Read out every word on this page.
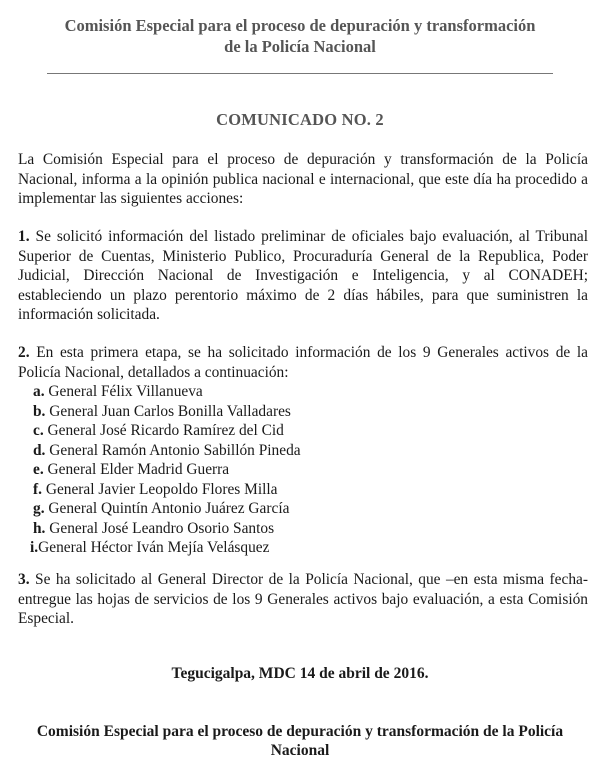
Comisión Especial para el proceso de depuración y transformación
de la Policía Nacional
COMUNICADO NO. 2
La Comisión Especial para el proceso de depuración y transformación de la Policía
Nacional, informa a la opinión publica nacional e internacional, que este día ha procedido a
implementar las siguientes acciones:
1. Se solicitó información del listado preliminar de oficiales bajo evaluación, al Tribunal
Superior de Cuentas, Ministerio Publico, Procuraduría General de la Republica, Poder
Judicial, Dirección Nacional de Investigación e Inteligencia, y al CONADEH;
estableciendo un plazo perentorio máximo de 2 días hábiles, para que suministren la
información solicitada.
2. En esta primera etapa, se ha solicitado información de los 9 Generales activos de la
Policía Nacional, detallados a continuación:
a. General Félix Villanueva
b. General Juan Carlos Bonilla Valladares
c. General José Ricardo Ramírez del Cid
d. General Ramón Antonio Sabillón Pineda
e. General Elder Madrid Guerra
f. General Javier Leopoldo Flores Milla
g. General Quintín Antonio Juárez García
h. General José Leandro Osorio Santos
i.General Héctor Iván Mejía Velásquez
3. Se ha solicitado al General Director de la Policía Nacional, que –en esta misma fecha-
entregue las hojas de servicios de los 9 Generales activos bajo evaluación, a esta Comisión
Especial.
Tegucigalpa, MDC 14 de abril de 2016.
Comisión Especial para el proceso de depuración y transformación de la Policía
Nacional
